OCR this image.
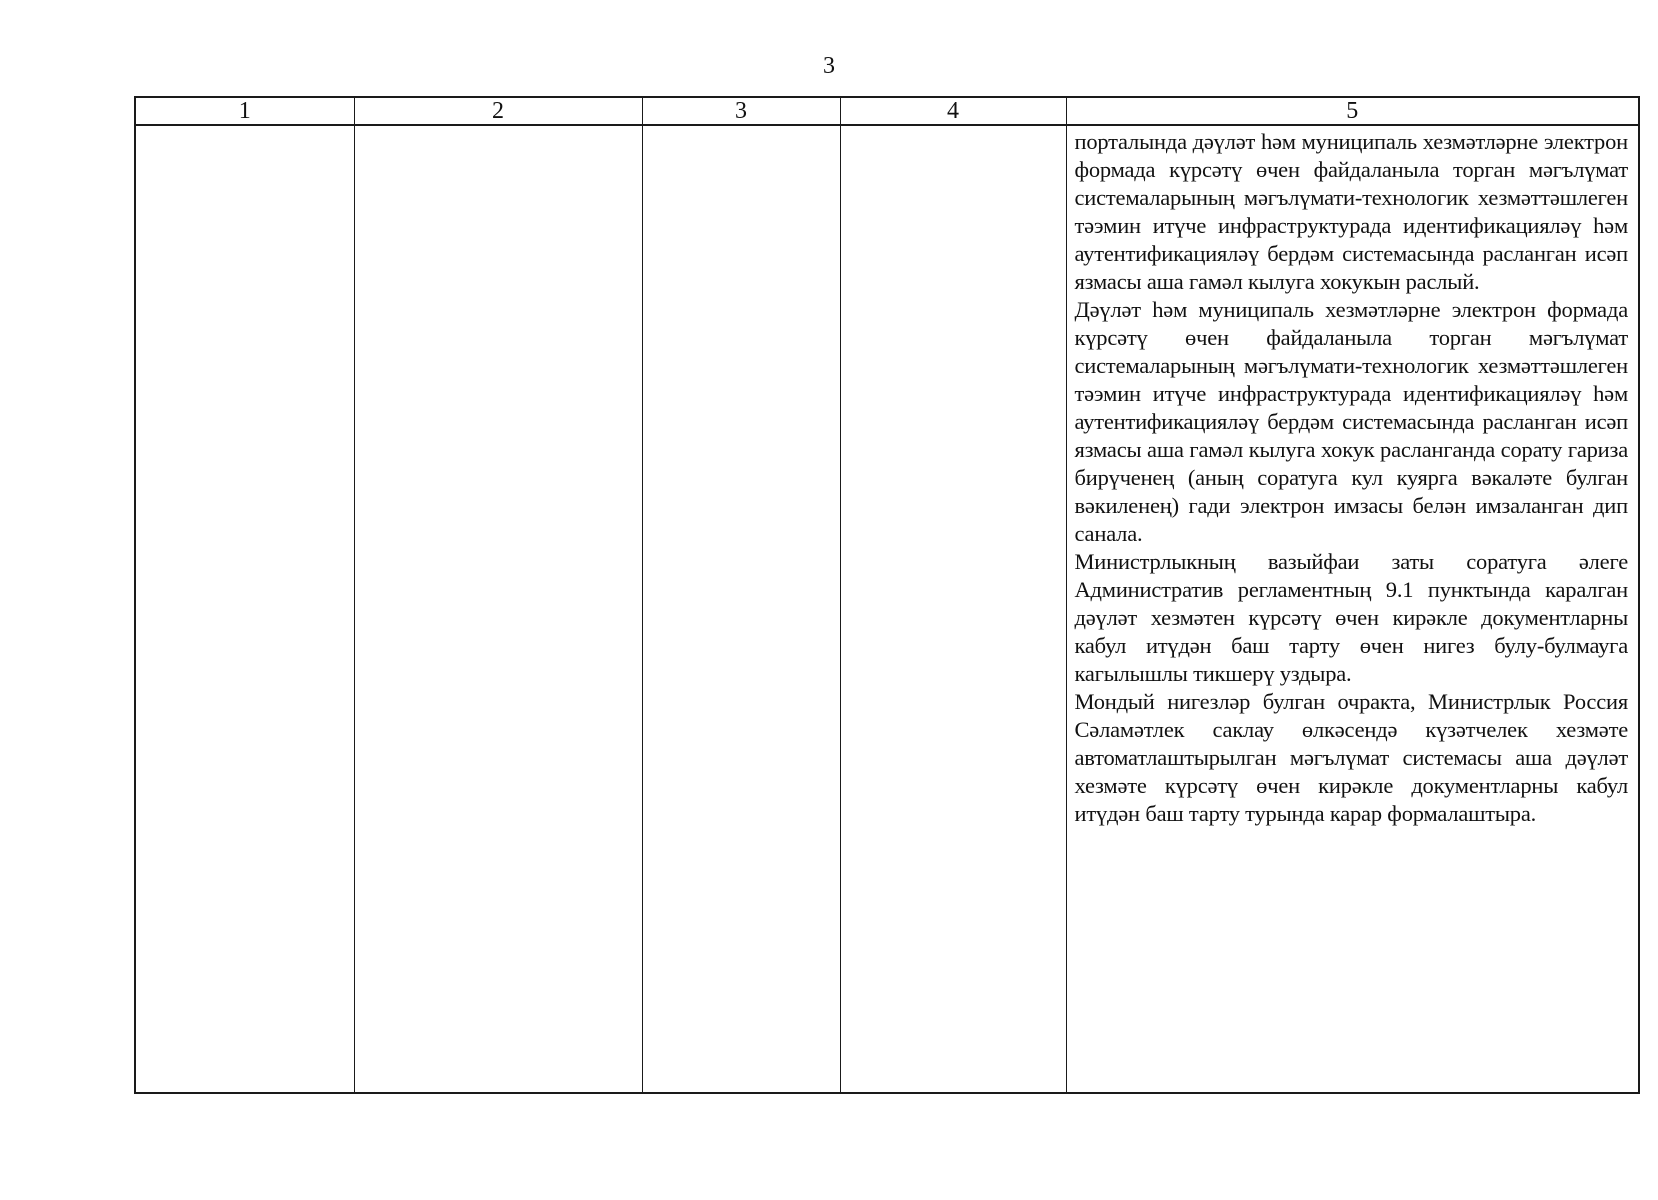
3
1	2	3	4	5

				порталында дәүләт һәм муниципаль хезмәтләрне электрон формада күрсәтү өчен файдаланыла торган мәгълүмат системаларының мәгълүмати-технологик хезмәттәшлеген тәэмин итүче инфраструктурада идентификацияләү һәм аутентификацияләү бердәм системасында расланган исәп язмасы аша гамәл кылуга хокукын раслый.

Дәүләт һәм муниципаль хезмәтләрне электрон формада күрсәтү өчен файдаланыла торган мәгълүмат системаларының мәгълүмати-технологик хезмәттәшлеген тәэмин итүче инфраструктурада идентификацияләү һәм аутентификацияләү бердәм системасында расланган исәп язмасы аша гамәл кылуга хокук расланганда сорату гариза бирүченең (аның соратуга кул куярга вәкаләте булган вәкиленең) гади электрон имзасы белән имзаланган дип санала.

Министрлыкның вазыйфаи заты соратуга әлеге Административ регламентның 9.1 пунктында каралган дәүләт хезмәтен күрсәтү өчен кирәкле документларны кабул итүдән баш тарту өчен нигез булу-булмауга кагылышлы тикшерү уздыра.

Мондый нигезләр булган очракта, Министрлык Россия Сәламәтлек саклау өлкәсендә күзәтчелек хезмәте автоматлаштырылган мәгълүмат системасы аша дәүләт хезмәте күрсәтү өчен кирәкле документларны кабул итүдән баш тарту турында карар формалаштыра.
